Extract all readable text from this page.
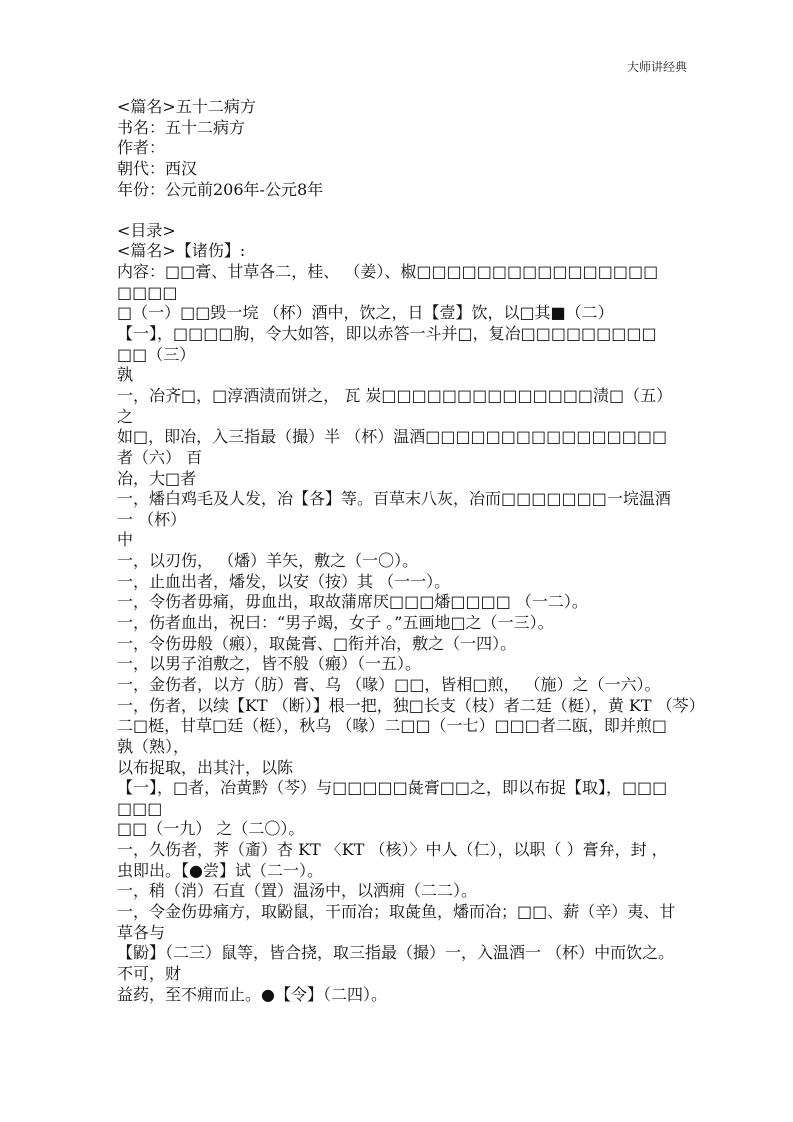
大师讲经典
<篇名>五十二病方
书名：五十二病方
作者：
朝代：西汉
年份：公元前206年-公元8年
<目录>
<篇名>【诸伤】:
内容：□□膏、甘草各二，桂、 （姜）、椒□□□□□□□□□□□□□□□□
□□□□
□（一）□□毁一垸 （杯）酒中，饮之，日【壹】饮，以□其■（二）
【一】，□□□□朐，令大如答，即以赤答一斗并□，复冶□□□□□□□□□
□□（三）
孰
一，冶齐□，□淳酒渍而饼之， 瓦 炭□□□□□□□□□□□□□□渍□（五）
之
如□，即冶，入三指最（撮）半 （杯）温酒□□□□□□□□□□□□□□□□
者（六） 百
冶，大□者
一，燔白鸡毛及人发，冶【各】等。百草末八灰，冶而□□□□□□□一垸温酒
一 （杯）
中
一，以刃伤， （燔）羊矢，敷之（一〇）。
一，止血出者，燔发，以安（按）其 （一一）。
一，令伤者毋痛，毋血出，取故蒲席厌□□□燔□□□□ （一二）。
一，伤者血出，祝曰：“男子竭，女子 。”五画地□之（一三）。
一，令伤毋般（瘢），取彘膏、□衔并冶，敷之（一四）。
一，以男子洎敷之，皆不般（瘢）（一五）。
一，金伤者，以方（肪）膏、乌 （喙）□□，皆相□煎， （施）之（一六）。
一，伤者，以续【KT （断）】根一把，独□长支（枝）者二廷（梃），黄 KT （芩）
二□梃，甘草□廷（梃），秋乌 （喙）二□□（一七）□□□者二瓯，即并煎□
孰（熟），
以布捉取，出其汁，以陈
【一】，□者，冶黄黔（芩）与□□□□□彘膏□□之，即以布捉【取】，□□□
□□□
□□（一九） 之（二〇）。
一，久伤者，荠（齑）杏 KT 〈KT （核）〉中人（仁），以职（ ）膏弁，封 ，
虫即出。【●尝】试（二一）。
一，稍（消）石直（置）温汤中，以洒痈（二二）。
一，令金伤毋痛方，取鼢鼠，干而冶；取彘鱼，燔而冶；□□、薪（辛）夷、甘
草各与
【鼢】（二三）鼠等，皆合挠，取三指最（撮）一，入温酒一 （杯）中而饮之。
不可，财
益药，至不痈而止。●【令】（二四）。
